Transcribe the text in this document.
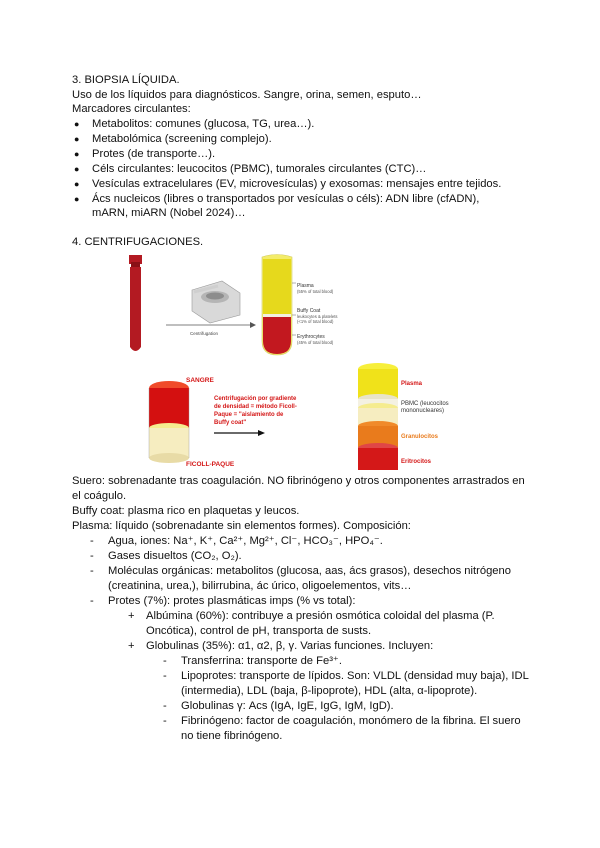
3. BIOPSIA LÍQUIDA.
Uso de los líquidos para diagnósticos. Sangre, orina, semen, esputo…
Marcadores circulantes:
● Metabolitos: comunes (glucosa, TG, urea…).
● Metabolómica (screening complejo).
● Protes (de transporte…).
● Céls circulantes: leucocitos (PBMC), tumorales circulantes (CTC)…
● Vesículas extracelulares (EV, microvesículas) y exosomas: mensajes entre tejidos.
● Ács nucleicos (libres o transportados por vesículas o céls): ADN libre (cfADN),
mARN, miARN (Nobel 2024)…
4. CENTRIFUGACIONES.
Centrifugation
Plasma
(55% of total blood)
Buffy Coat
leukocytes & platelets
(<1% of total blood)
Erythrocytes
(45% of total blood)
SANGRE
FICOLL-PAQUE
Centrifugación por gradiente
de densidad = método Ficoll-
Paque = "aislamiento de
Buffy coat"
Plasma
PBMC (leucocitos
mononucleares)
Granulocitos
Eritrocitos
Suero: sobrenadante tras coagulación. NO fibrinógeno y otros componentes arrastrados en
el coágulo.
Buffy coat: plasma rico en plaquetas y leucos.
Plasma: líquido (sobrenadante sin elementos formes). Composición:
- Agua, iones: Na⁺, K⁺, Ca²⁺, Mg²⁺, Cl⁻, HCO₃⁻, HPO₄⁻.
- Gases disueltos (CO₂, O₂).
- Moléculas orgánicas: metabolitos (glucosa, aas, ács grasos), desechos nitrógeno
(creatinina, urea,), bilirrubina, ác úrico, oligoelementos, vits…
- Protes (7%): protes plasmáticas imps (% vs total):
+ Albúmina (60%): contribuye a presión osmótica coloidal del plasma (P.
Oncótica), control de pH, transporta de susts.
+ Globulinas (35%): α1, α2, β, γ. Varias funciones. Incluyen:
- Transferrina: transporte de Fe³⁺.
- Lipoprotes: transporte de lípidos. Son: VLDL (densidad muy baja), IDL
(intermedia), LDL (baja, β-lipoprote), HDL (alta, α-lipoprote).
- Globulinas γ: Acs (IgA, IgE, IgG, IgM, IgD).
- Fibrinógeno: factor de coagulación, monómero de la fibrina. El suero
no tiene fibrinógeno.
